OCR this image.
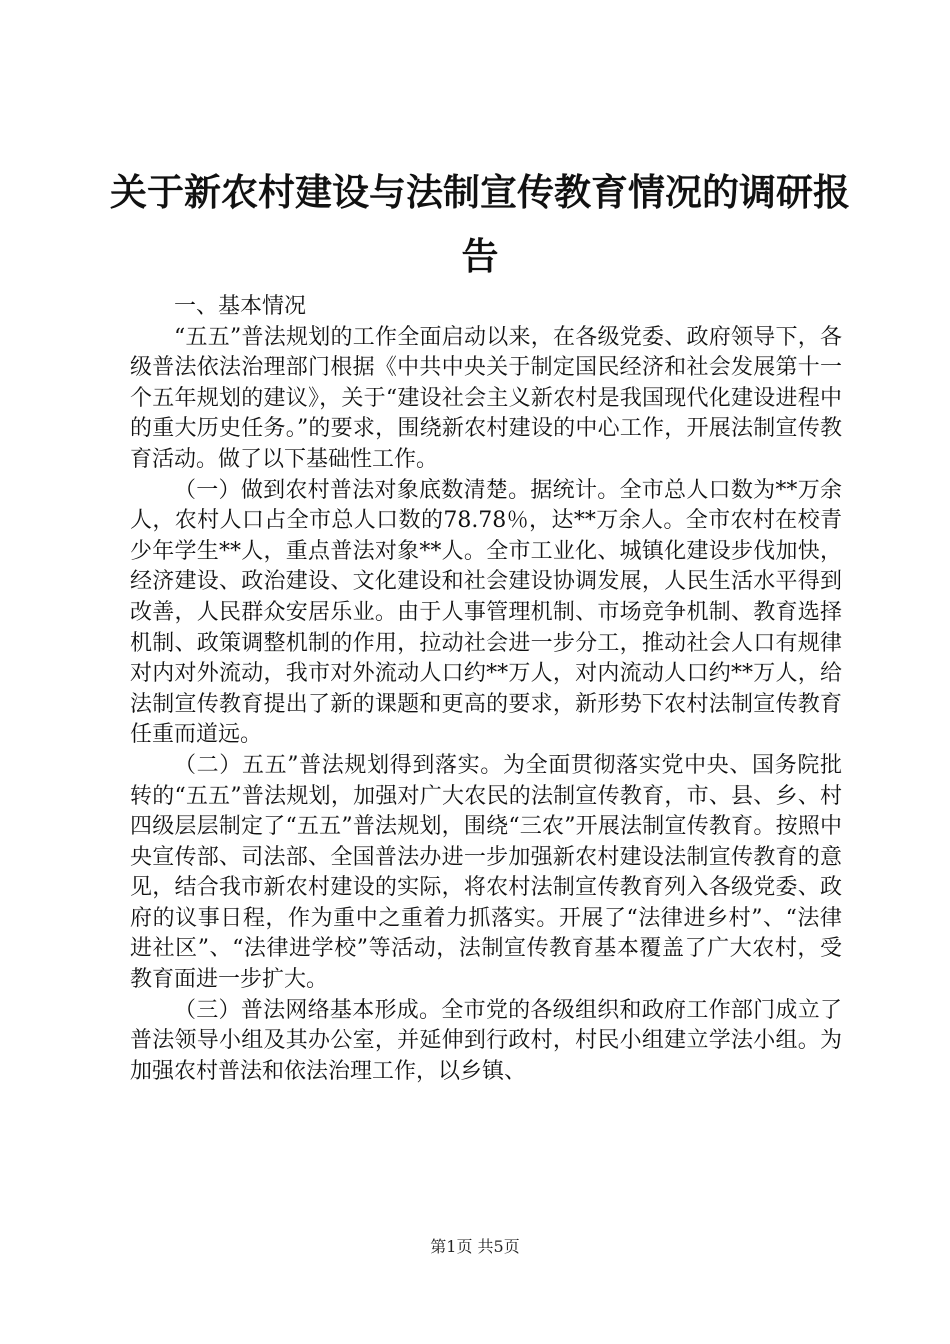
关于新农村建设与法制宣传教育情况的调研报告

一、基本情况

“五五”普法规划的工作全面启动以来，在各级党委、政府领导下，各级普法依法治理部门根据《中共中央关于制定国民经济和社会发展第十一个五年规划的建议》，关于“建设社会主义新农村是我国现代化建设进程中的重大历史任务。”的要求，围绕新农村建设的中心工作，开展法制宣传教育活动。做了以下基础性工作。

（一）做到农村普法对象底数清楚。据统计。全市总人口数为**万余人，农村人口占全市总人口数的78.78％，达**万余人。全市农村在校青少年学生**人，重点普法对象**人。全市工业化、城镇化建设步伐加快，经济建设、政治建设、文化建设和社会建设协调发展，人民生活水平得到改善，人民群众安居乐业。由于人事管理机制、市场竞争机制、教育选择机制、政策调整机制的作用，拉动社会进一步分工，推动社会人口有规律对内对外流动，我市对外流动人口约**万人，对内流动人口约**万人，给法制宣传教育提出了新的课题和更高的要求，新形势下农村法制宣传教育任重而道远。

（二）五五”普法规划得到落实。为全面贯彻落实党中央、国务院批转的“五五”普法规划，加强对广大农民的法制宣传教育，市、县、乡、村四级层层制定了“五五”普法规划，围绕“三农”开展法制宣传教育。按照中央宣传部、司法部、全国普法办进一步加强新农村建设法制宣传教育的意见，结合我市新农村建设的实际，将农村法制宣传教育列入各级党委、政府的议事日程，作为重中之重着力抓落实。开展了“法律进乡村”、“法律进社区”、“法律进学校”等活动，法制宣传教育基本覆盖了广大农村，受教育面进一步扩大。

（三）普法网络基本形成。全市党的各级组织和政府工作部门成立了普法领导小组及其办公室，并延伸到行政村，村民小组建立学法小组。为加强农村普法和依法治理工作，以乡镇、

第1页 共5页
